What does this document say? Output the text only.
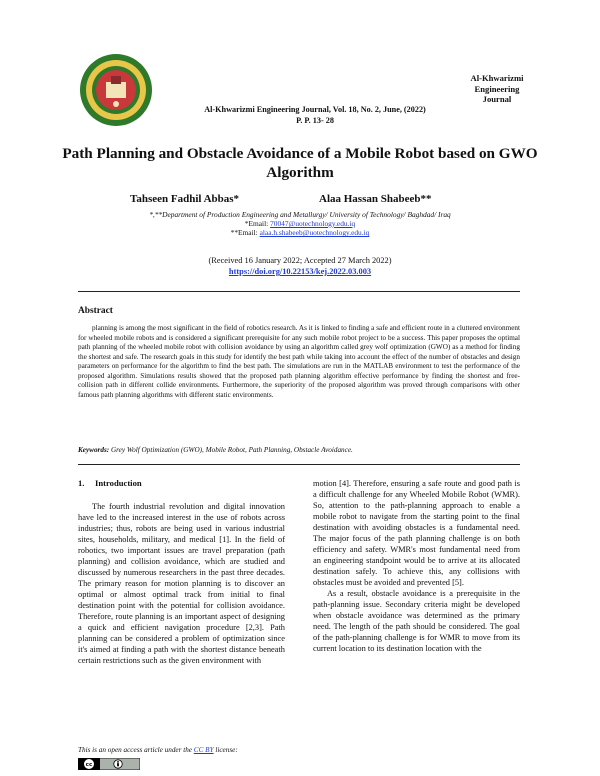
Al-Khwarizmi Engineering Journal, Vol. 18, No. 2, June, (2022)
P. P. 13- 28
Al-Khwarizmi
Engineering
Journal
Path Planning and Obstacle Avoidance of a Mobile Robot based on GWO Algorithm
Tahseen Fadhil Abbas*	Alaa Hassan Shabeeb**
*,**Department of Production Engineering and Metallurgy/ University of Technology/ Baghdad/ Iraq
*Email: 70047@uotechnology.edu.iq
**Email: alaa.h.shabeeb@uotechnology.edu.iq
(Received 16 January 2022; Accepted 27 March 2022)
https://doi.org/10.22153/kej.2022.03.003
Abstract
planning is among the most significant in the field of robotics research. As it is linked to finding a safe and efficient route in a cluttered environment for wheeled mobile robots and is considered a significant prerequisite for any such mobile robot project to be a success. This paper proposes the optimal path planning of the wheeled mobile robot with collision avoidance by using an algorithm called grey wolf optimization (GWO) as a method for finding the shortest and safe. The research goals in this study for identify the best path while taking into account the effect of the number of obstacles and design parameters on performance for the algorithm to find the best path. The simulations are run in the MATLAB environment to test the performance of the proposed algorithm. Simulations results showed that the proposed path planning algorithm effective performance by finding the shortest and free-collision path in different collide environments. Furthermore, the superiority of the proposed algorithm was proved through comparisons with other famous path planning algorithms with different static environments.
Keywords: Grey Wolf Optimization (GWO), Mobile Robot, Path Planning, Obstacle Avoidance.
1. Introduction

The fourth industrial revolution and digital innovation have led to the increased interest in the use of robots across industries; thus, robots are being used in various industrial sites, households, military, and medical [1]. In the field of robotics, two important issues are travel preparation (path planning) and collision avoidance, which are studied and discussed by numerous researchers in the past three decades. The primary reason for motion planning is to discover an optimal or almost optimal track from initial to final destination point with the potential for collision avoidance. Therefore, route planning is an important aspect of designing a quick and efficient navigation procedure [2,3]. Path planning can be considered a problem of optimization since it's aimed at finding a path with the shortest distance beneath certain restrictions such as the given environment with

motion [4]. Therefore, ensuring a safe route and good path is a difficult challenge for any Wheeled Mobile Robot (WMR). So, attention to the path-planning approach to enable a mobile robot to navigate from the starting point to the final destination with avoiding obstacles is a fundamental need. The major focus of the path planning challenge is on both efficiency and safety. WMR's most fundamental need from an engineering standpoint would be to arrive at its allocated destination safely. To achieve this, any collisions with obstacles must be avoided and prevented [5].

As a result, obstacle avoidance is a prerequisite in the path-planning issue. Secondary criteria might be developed when obstacle avoidance was determined as the primary need. The length of the path should be considered. The goal of the path-planning challenge is for WMR to move from its current location to its destination location with the

This is an open access article under the CC BY license:
cc
